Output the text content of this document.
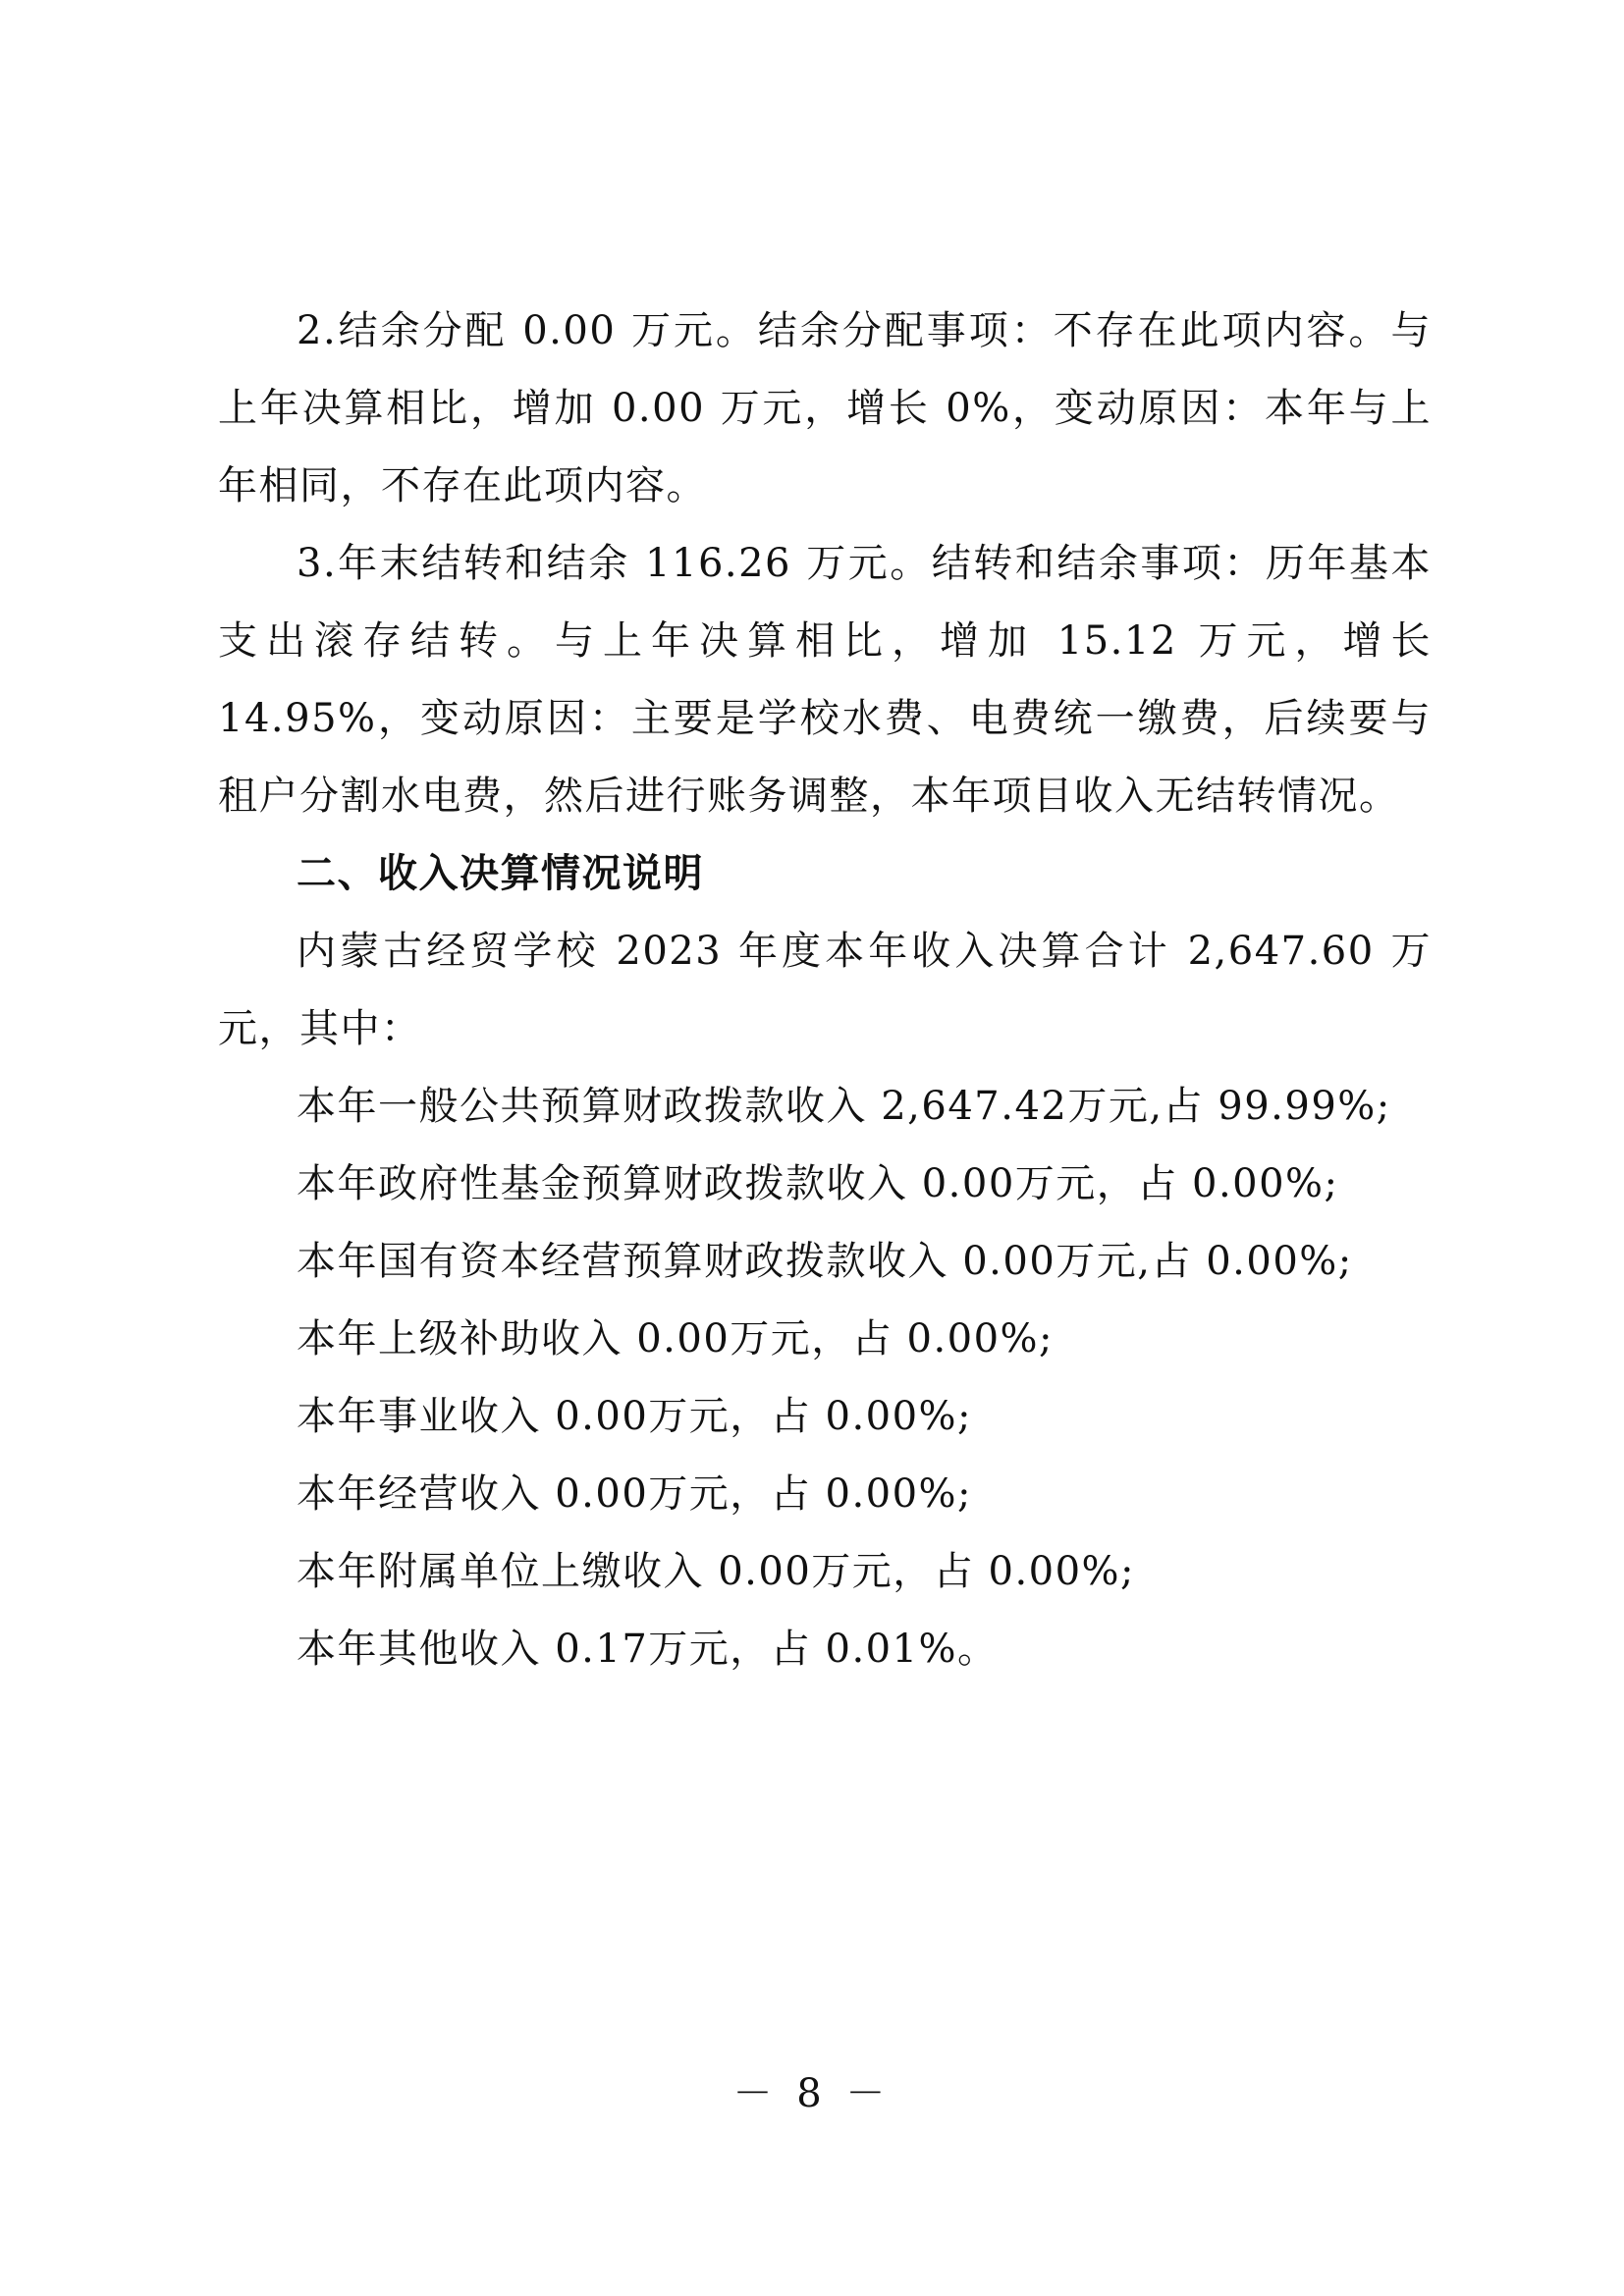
2.结余分配 0.00 万元。结余分配事项：不存在此项内容。与上年决算相比，增加 0.00 万元，增长 0%，变动原因：本年与上年相同，不存在此项内容。

3.年末结转和结余 116.26 万元。结转和结余事项：历年基本支出滚存结转。与上年决算相比，增加 15.12 万元，增长 14.95%，变动原因：主要是学校水费、电费统一缴费，后续要与租户分割水电费，然后进行账务调整，本年项目收入无结转情况。

二、收入决算情况说明

内蒙古经贸学校 2023 年度本年收入决算合计 2,647.60 万元，其中：

本年一般公共预算财政拨款收入 2,647.42万元,占 99.99%;

本年政府性基金预算财政拨款收入 0.00万元，占 0.00%;

本年国有资本经营预算财政拨款收入 0.00万元,占 0.00%;

本年上级补助收入 0.00万元，占 0.00%;

本年事业收入 0.00万元，占 0.00%;

本年经营收入 0.00万元，占 0.00%;

本年附属单位上缴收入 0.00万元，占 0.00%;

本年其他收入 0.17万元，占 0.01%。

－ 8 －
